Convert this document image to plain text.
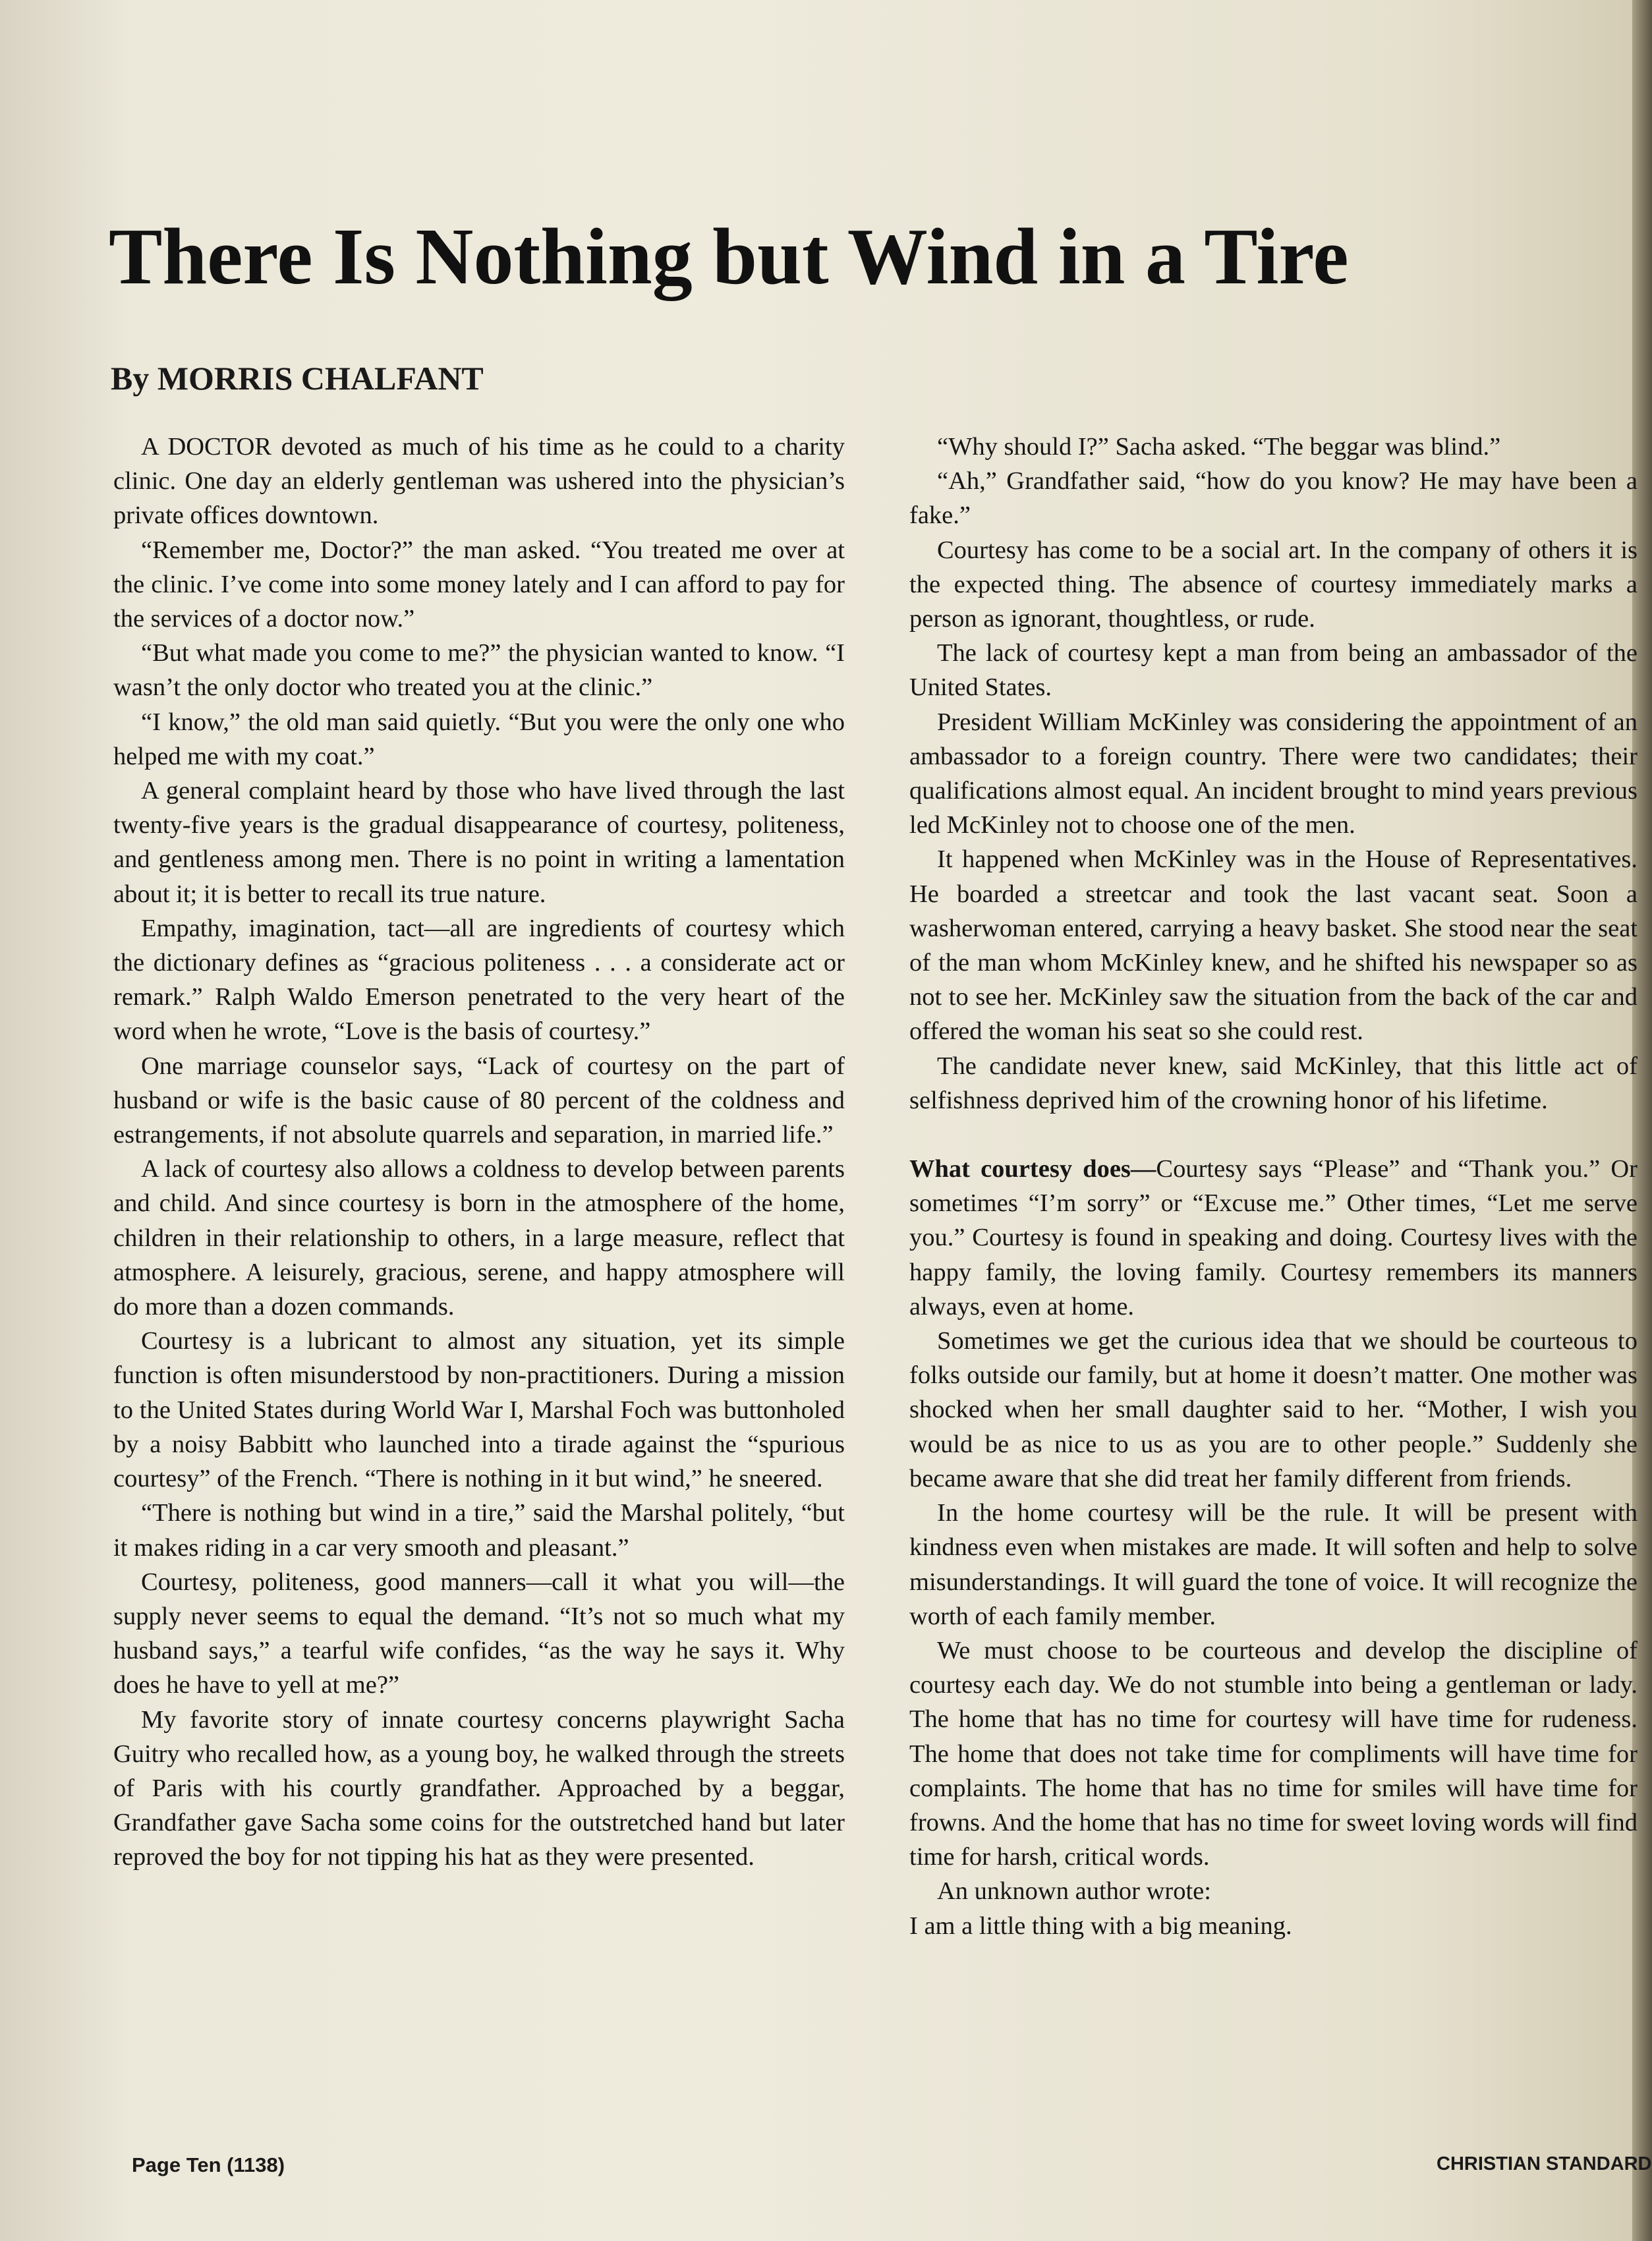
There Is Nothing but Wind in a Tire
By MORRIS CHALFANT

A DOCTOR devoted as much of his time as he could to a charity clinic. One day an elderly gentleman was ushered into the physician’s private offices downtown.

“Remember me, Doctor?” the man asked. “You treated me over at the clinic. I’ve come into some money lately and I can afford to pay for the services of a doctor now.”

“But what made you come to me?” the physician wanted to know. “I wasn’t the only doctor who treated you at the clinic.”

“I know,” the old man said quietly. “But you were the only one who helped me with my coat.”

A general complaint heard by those who have lived through the last twenty-five years is the gradual disappearance of courtesy, politeness, and gentleness among men. There is no point in writing a lamentation about it; it is better to recall its true nature.

Empathy, imagination, tact—all are ingredients of courtesy which the dictionary defines as “gracious politeness . . . a considerate act or remark.” Ralph Waldo Emerson penetrated to the very heart of the word when he wrote, “Love is the basis of courtesy.”

One marriage counselor says, “Lack of courtesy on the part of husband or wife is the basic cause of 80 percent of the coldness and estrangements, if not absolute quarrels and separation, in married life.”

A lack of courtesy also allows a coldness to develop between parents and child. And since courtesy is born in the atmosphere of the home, children in their relationship to others, in a large measure, reflect that atmosphere. A leisurely, gracious, serene, and happy atmosphere will do more than a dozen commands.

Courtesy is a lubricant to almost any situation, yet its simple function is often misunderstood by non-practitioners. During a mission to the United States during World War I, Marshal Foch was buttonholed by a noisy Babbitt who launched into a tirade against the “spurious courtesy” of the French. “There is nothing in it but wind,” he sneered.

“There is nothing but wind in a tire,” said the Marshal politely, “but it makes riding in a car very smooth and pleasant.”

Courtesy, politeness, good manners—call it what you will—the supply never seems to equal the demand. “It’s not so much what my husband says,” a tearful wife confides, “as the way he says it. Why does he have to yell at me?”

My favorite story of innate courtesy concerns playwright Sacha Guitry who recalled how, as a young boy, he walked through the streets of Paris with his courtly grandfather. Approached by a beggar, Grandfather gave Sacha some coins for the outstretched hand but later reproved the boy for not tipping his hat as they were presented.

“Why should I?” Sacha asked. “The beggar was blind.”

“Ah,” Grandfather said, “how do you know? He may have been a fake.”

Courtesy has come to be a social art. In the company of others it is the expected thing. The absence of courtesy immediately marks a person as ignorant, thoughtless, or rude.

The lack of courtesy kept a man from being an ambassador of the United States.

President William McKinley was considering the appointment of an ambassador to a foreign country. There were two candidates; their qualifications almost equal. An incident brought to mind years previous led McKinley not to choose one of the men.

It happened when McKinley was in the House of Representatives. He boarded a streetcar and took the last vacant seat. Soon a washerwoman entered, carrying a heavy basket. She stood near the seat of the man whom McKinley knew, and he shifted his newspaper so as not to see her. McKinley saw the situation from the back of the car and offered the woman his seat so she could rest.

The candidate never knew, said McKinley, that this little act of selfishness deprived him of the crowning honor of his lifetime.

What courtesy does—Courtesy says “Please” and “Thank you.” Or sometimes “I’m sorry” or “Excuse me.” Other times, “Let me serve you.” Courtesy is found in speaking and doing. Courtesy lives with the happy family, the loving family. Courtesy remembers its manners always, even at home.

Sometimes we get the curious idea that we should be courteous to folks outside our family, but at home it doesn’t matter. One mother was shocked when her small daughter said to her. “Mother, I wish you would be as nice to us as you are to other people.” Suddenly she became aware that she did treat her family different from friends.

In the home courtesy will be the rule. It will be present with kindness even when mistakes are made. It will soften and help to solve misunderstandings. It will guard the tone of voice. It will recognize the worth of each family member.

We must choose to be courteous and develop the discipline of courtesy each day. We do not stumble into being a gentleman or lady. The home that has no time for courtesy will have time for rudeness. The home that does not take time for compliments will have time for complaints. The home that has no time for smiles will have time for frowns. And the home that has no time for sweet loving words will find time for harsh, critical words.

An unknown author wrote:

I am a little thing with a big meaning.

Page Ten (1138)	CHRISTIAN STANDARD
